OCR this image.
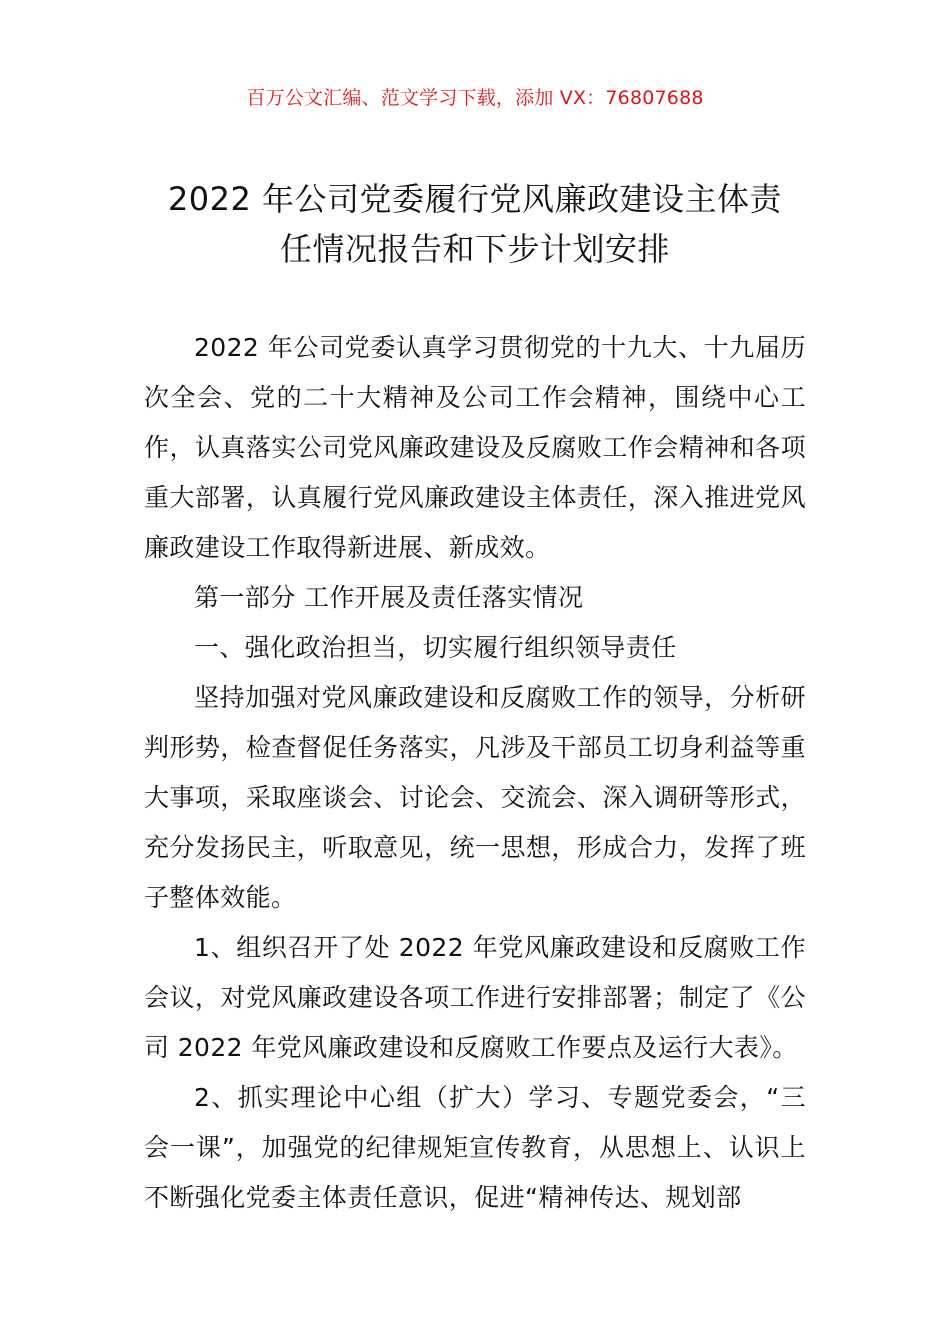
百万公文汇编、范文学习下载，添加 VX：76807688
2022 年公司党委履行党风廉政建设主体责
任情况报告和下步计划安排

2022 年公司党委认真学习贯彻党的十九大、十九届历次全会、党的二十大精神及公司工作会精神，围绕中心工作，认真落实公司党风廉政建设及反腐败工作会精神和各项重大部署，认真履行党风廉政建设主体责任，深入推进党风廉政建设工作取得新进展、新成效。

第一部分 工作开展及责任落实情况

一、强化政治担当，切实履行组织领导责任

坚持加强对党风廉政建设和反腐败工作的领导，分析研判形势，检查督促任务落实，凡涉及干部员工切身利益等重大事项，采取座谈会、讨论会、交流会、深入调研等形式，充分发扬民主，听取意见，统一思想，形成合力，发挥了班子整体效能。

1、组织召开了处 2022 年党风廉政建设和反腐败工作会议，对党风廉政建设各项工作进行安排部署；制定了《公司 2022 年党风廉政建设和反腐败工作要点及运行大表》。

2、抓实理论中心组（扩大）学习、专题党委会，“三会一课”，加强党的纪律规矩宣传教育，从思想上、认识上不断强化党委主体责任意识，促进“精神传达、规划部
